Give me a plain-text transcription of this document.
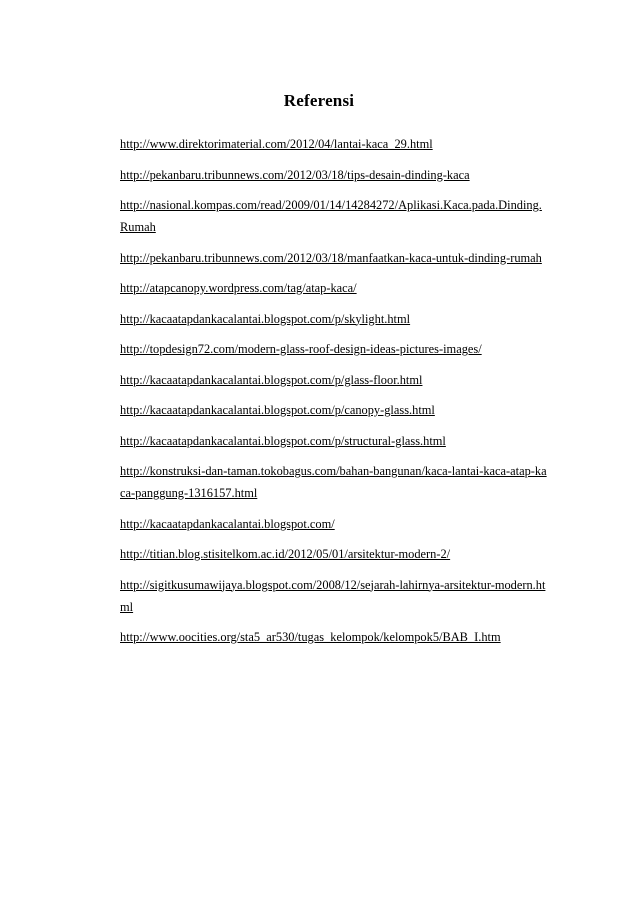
Referensi
http://www.direktorimaterial.com/2012/04/lantai-kaca_29.html
http://pekanbaru.tribunnews.com/2012/03/18/tips-desain-dinding-kaca
http://nasional.kompas.com/read/2009/01/14/14284272/Aplikasi.Kaca.pada.Dinding.Rumah
http://pekanbaru.tribunnews.com/2012/03/18/manfaatkan-kaca-untuk-dinding-rumah
http://atapcanopy.wordpress.com/tag/atap-kaca/
http://kacaatapdankacalantai.blogspot.com/p/skylight.html
http://topdesign72.com/modern-glass-roof-design-ideas-pictures-images/
http://kacaatapdankacalantai.blogspot.com/p/glass-floor.html
http://kacaatapdankacalantai.blogspot.com/p/canopy-glass.html
http://kacaatapdankacalantai.blogspot.com/p/structural-glass.html
http://konstruksi-dan-taman.tokobagus.com/bahan-bangunan/kaca-lantai-kaca-atap-kaca-panggung-1316157.html
http://kacaatapdankacalantai.blogspot.com/
http://titian.blog.stisitelkom.ac.id/2012/05/01/arsitektur-modern-2/
http://sigitkusumawijaya.blogspot.com/2008/12/sejarah-lahirnya-arsitektur-modern.html
http://www.oocities.org/sta5_ar530/tugas_kelompok/kelompok5/BAB_I.htm
